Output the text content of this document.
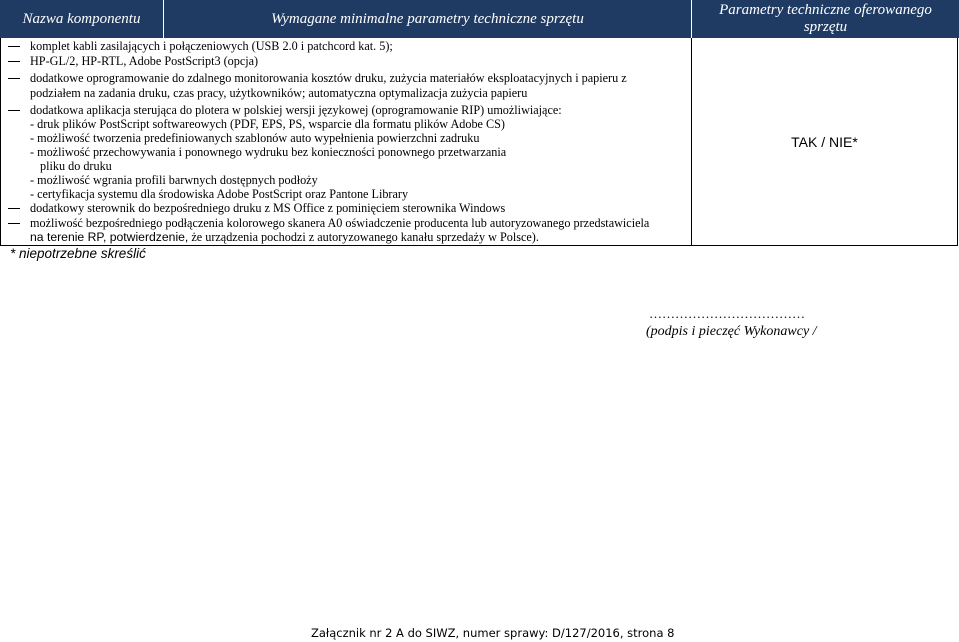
Nazwa komponentu	Wymagane minimalne parametry techniczne sprzętu
Parametry techniczne oferowanego sprzętu
TAK / NIE*
komplet kabli zasilających i połączeniowych (USB 2.0 i patchcord kat. 5);
HP-GL/2, HP-RTL, Adobe PostScript3 (opcja)
dodatkowe oprogramowanie do zdalnego monitorowania kosztów druku, zużycia materiałów eksploatacyjnych i papieru z
podziałem na zadania druku, czas pracy, użytkowników; automatyczna optymalizacja zużycia papieru
dodatkowa aplikacja sterująca do plotera w polskiej wersji językowej (oprogramowanie RIP) umożliwiające:
- druk plików PostScript softwareowych (PDF, EPS, PS, wsparcie dla formatu plików Adobe CS)
- możliwość tworzenia predefiniowanych szablonów auto wypełnienia powierzchni zadruku
- możliwość przechowywania i ponownego wydruku bez konieczności ponownego przetwarzania
pliku do druku
- możliwość wgrania profili barwnych dostępnych podłoży
- certyfikacja systemu dla środowiska Adobe PostScript oraz Pantone Library
dodatkowy sterownik do bezpośredniego druku z MS Office z pominięciem sterownika Windows
możliwość bezpośredniego podłączenia kolorowego skanera A0 oświadczenie producenta lub autoryzowanego przedstawiciela
na terenie RP, potwierdzenie, że urządzenia pochodzi z autoryzowanego kanału sprzedaży w Polsce).
* niepotrzebne skreślić
………………………………
(podpis i pieczęć Wykonawcy /
Załącznik nr 2 A do SIWZ, numer sprawy: D/127/2016, strona 8
